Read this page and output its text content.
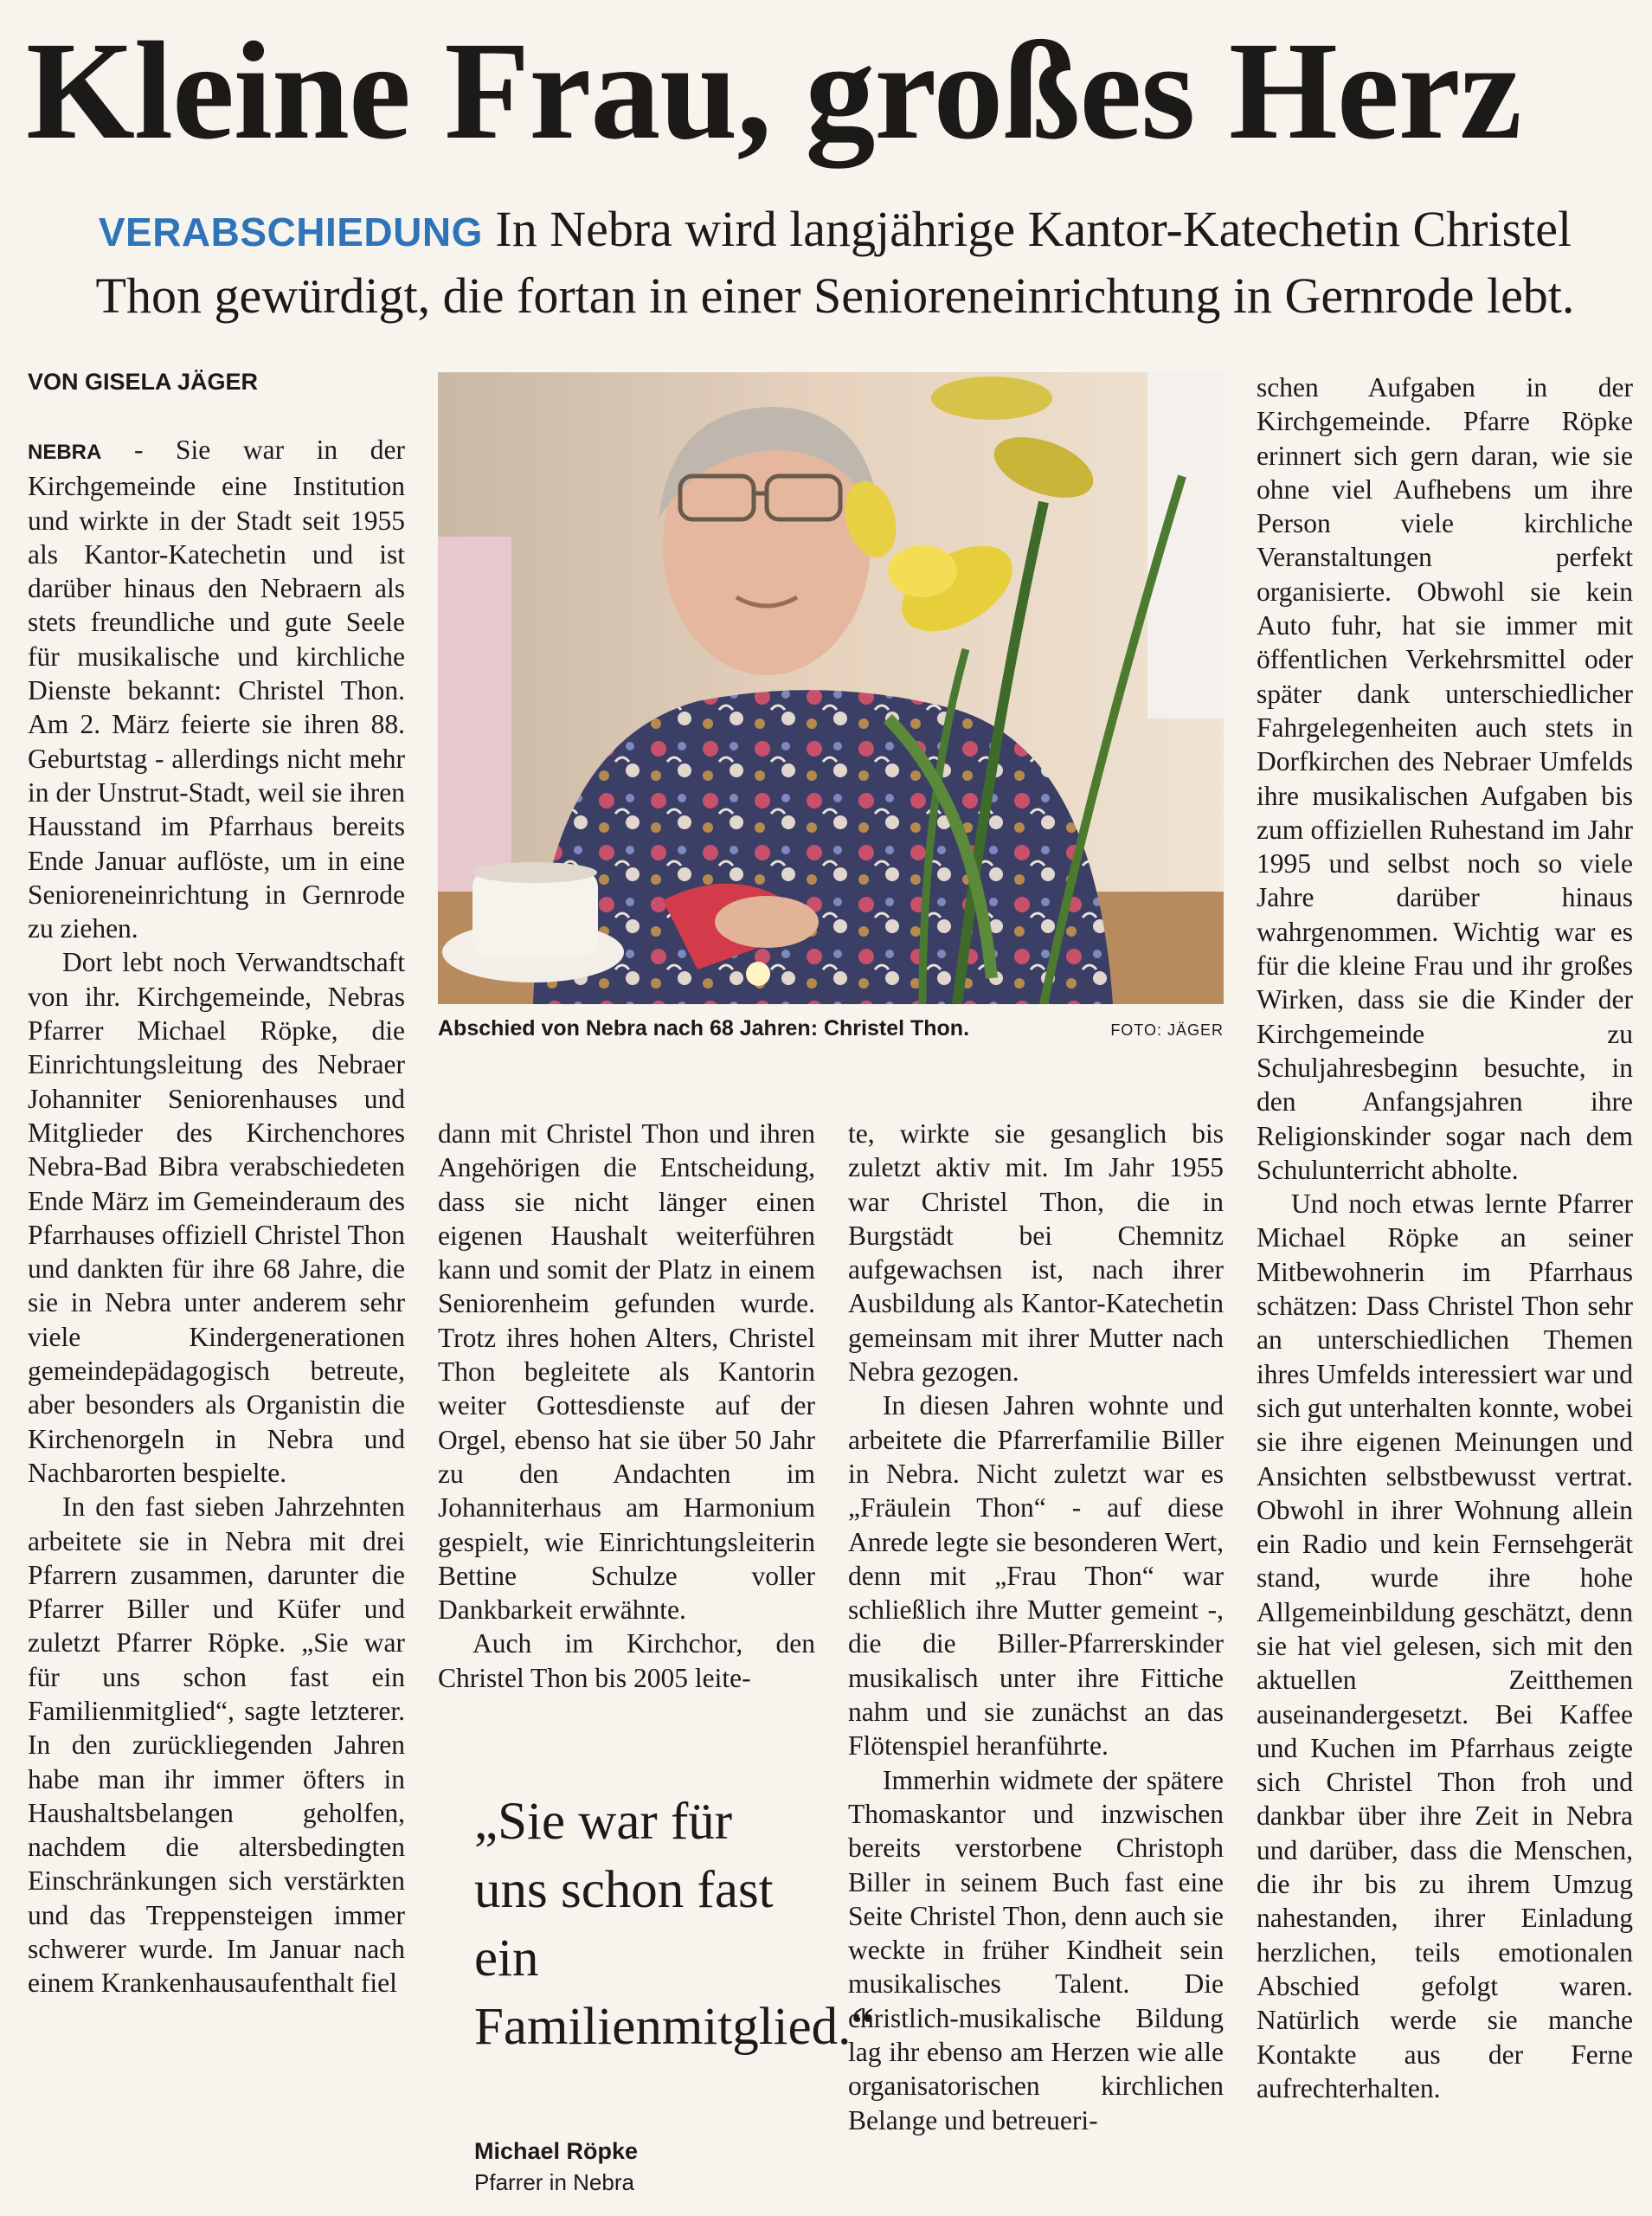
Kleine Frau, großes Herz
VERABSCHIEDUNG In Nebra wird langjährige Kantor-Katechetin Christel Thon gewürdigt, die fortan in einer Senioreneinrichtung in Gernrode lebt.
VON GISELA JÄGER

NEBRA - Sie war in der Kirchgemeinde eine Institution und wirkte in der Stadt seit 1955 als Kantor-Katechetin und ist darüber hinaus den Nebraern als stets freundliche und gute Seele für musikalische und kirchliche Dienste bekannt: Christel Thon. Am 2. März feierte sie ihren 88. Geburtstag - allerdings nicht mehr in der Unstrut-Stadt, weil sie ihren Hausstand im Pfarrhaus bereits Ende Januar auflöste, um in eine Senioreneinrichtung in Gernrode zu ziehen.

Dort lebt noch Verwandtschaft von ihr. Kirchgemeinde, Nebras Pfarrer Michael Röpke, die Einrichtungsleitung des Nebraer Johanniter Seniorenhauses und Mitglieder des Kirchenchores Nebra-Bad Bibra verabschiedeten Ende März im Gemeinderaum des Pfarrhauses offiziell Christel Thon und dankten für ihre 68 Jahre, die sie in Nebra unter anderem sehr viele Kindergenerationen gemeindepädagogisch betreute, aber besonders als Organistin die Kirchenorgeln in Nebra und Nachbarorten bespielte.

In den fast sieben Jahrzehnten arbeitete sie in Nebra mit drei Pfarrern zusammen, darunter die Pfarrer Biller und Küfer und zuletzt Pfarrer Röpke. „Sie war für uns schon fast ein Familienmitglied“, sagte letzterer. In den zurückliegenden Jahren habe man ihr immer öfters in Haushaltsbelangen geholfen, nachdem die altersbedingten Einschränkungen sich verstärkten und das Treppensteigen immer schwerer wurde. Im Januar nach einem Krankenhausaufenthalt fiel

Abschied von Nebra nach 68 Jahren: Christel Thon.	FOTO: JÄGER

dann mit Christel Thon und ihren Angehörigen die Entscheidung, dass sie nicht länger einen eigenen Haushalt weiterführen kann und somit der Platz in einem Seniorenheim gefunden wurde. Trotz ihres hohen Alters, Christel Thon begleitete als Kantorin weiter Gottesdienste auf der Orgel, ebenso hat sie über 50 Jahr zu den Andachten im Johanniterhaus am Harmonium gespielt, wie Einrichtungsleiterin Bettine Schulze voller Dankbarkeit erwähnte.

Auch im Kirchchor, den Christel Thon bis 2005 leite-

„Sie war für uns schon fast ein Familienmitglied.“
Michael Röpke
Pfarrer in Nebra

te, wirkte sie gesanglich bis zuletzt aktiv mit. Im Jahr 1955 war Christel Thon, die in Burgstädt bei Chemnitz aufgewachsen ist, nach ihrer Ausbildung als Kantor-Katechetin gemeinsam mit ihrer Mutter nach Nebra gezogen.

In diesen Jahren wohnte und arbeitete die Pfarrerfamilie Biller in Nebra. Nicht zuletzt war es „Fräulein Thon“ - auf diese Anrede legte sie besonderen Wert, denn mit „Frau Thon“ war schließlich ihre Mutter gemeint -, die die Biller-Pfarrerskinder musikalisch unter ihre Fittiche nahm und sie zunächst an das Flötenspiel heranführte.

Immerhin widmete der spätere Thomaskantor und inzwischen bereits verstorbene Christoph Biller in seinem Buch fast eine Seite Christel Thon, denn auch sie weckte in früher Kindheit sein musikalisches Talent. Die christlich-musikalische Bildung lag ihr ebenso am Herzen wie alle organisatorischen kirchlichen Belange und betreueri-

schen Aufgaben in der Kirchgemeinde. Pfarre Röpke erinnert sich gern daran, wie sie ohne viel Aufhebens um ihre Person viele kirchliche Veranstaltungen perfekt organisierte. Obwohl sie kein Auto fuhr, hat sie immer mit öffentlichen Verkehrsmittel oder später dank unterschiedlicher Fahrgelegenheiten auch stets in Dorfkirchen des Nebraer Umfelds ihre musikalischen Aufgaben bis zum offiziellen Ruhestand im Jahr 1995 und selbst noch so viele Jahre darüber hinaus wahrgenommen. Wichtig war es für die kleine Frau und ihr großes Wirken, dass sie die Kinder der Kirchgemeinde zu Schuljahresbeginn besuchte, in den Anfangsjahren ihre Religionskinder sogar nach dem Schulunterricht abholte.

Und noch etwas lernte Pfarrer Michael Röpke an seiner Mitbewohnerin im Pfarrhaus schätzen: Dass Christel Thon sehr an unterschiedlichen Themen ihres Umfelds interessiert war und sich gut unterhalten konnte, wobei sie ihre eigenen Meinungen und Ansichten selbstbewusst vertrat. Obwohl in ihrer Wohnung allein ein Radio und kein Fernsehgerät stand, wurde ihre hohe Allgemeinbildung geschätzt, denn sie hat viel gelesen, sich mit den aktuellen Zeitthemen auseinandergesetzt. Bei Kaffee und Kuchen im Pfarrhaus zeigte sich Christel Thon froh und dankbar über ihre Zeit in Nebra und darüber, dass die Menschen, die ihr bis zu ihrem Umzug nahestanden, ihrer Einladung herzlichen, teils emotionalen Abschied gefolgt waren. Natürlich werde sie manche Kontakte aus der Ferne aufrechterhalten.
